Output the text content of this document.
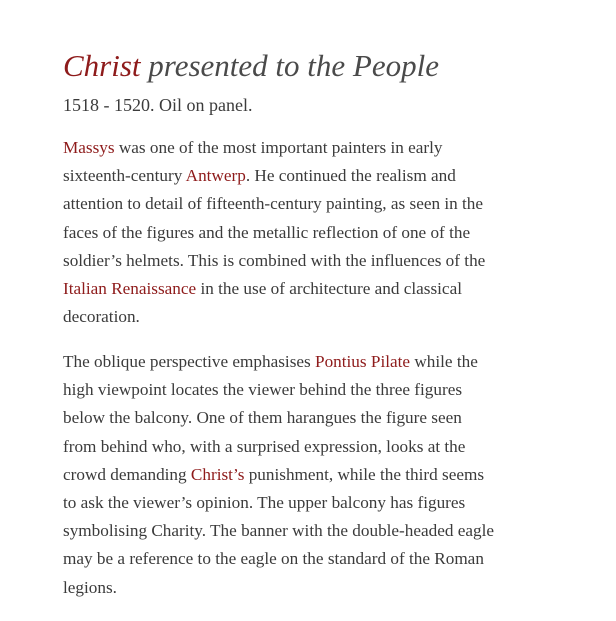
Christ presented to the People
1518 - 1520. Oil on panel.
Massys was one of the most important painters in early
sixteenth-century Antwerp. He continued the realism and
attention to detail of fifteenth-century painting, as seen in the
faces of the figures and the metallic reflection of one of the
soldier’s helmets. This is combined with the influences of the
Italian Renaissance in the use of architecture and classical
decoration.
The oblique perspective emphasises Pontius Pilate while the
high viewpoint locates the viewer behind the three figures
below the balcony. One of them harangues the figure seen
from behind who, with a surprised expression, looks at the
crowd demanding Christ’s punishment, while the third seems
to ask the viewer’s opinion. The upper balcony has figures
symbolising Charity. The banner with the double-headed eagle
may be a reference to the eagle on the standard of the Roman
legions.
